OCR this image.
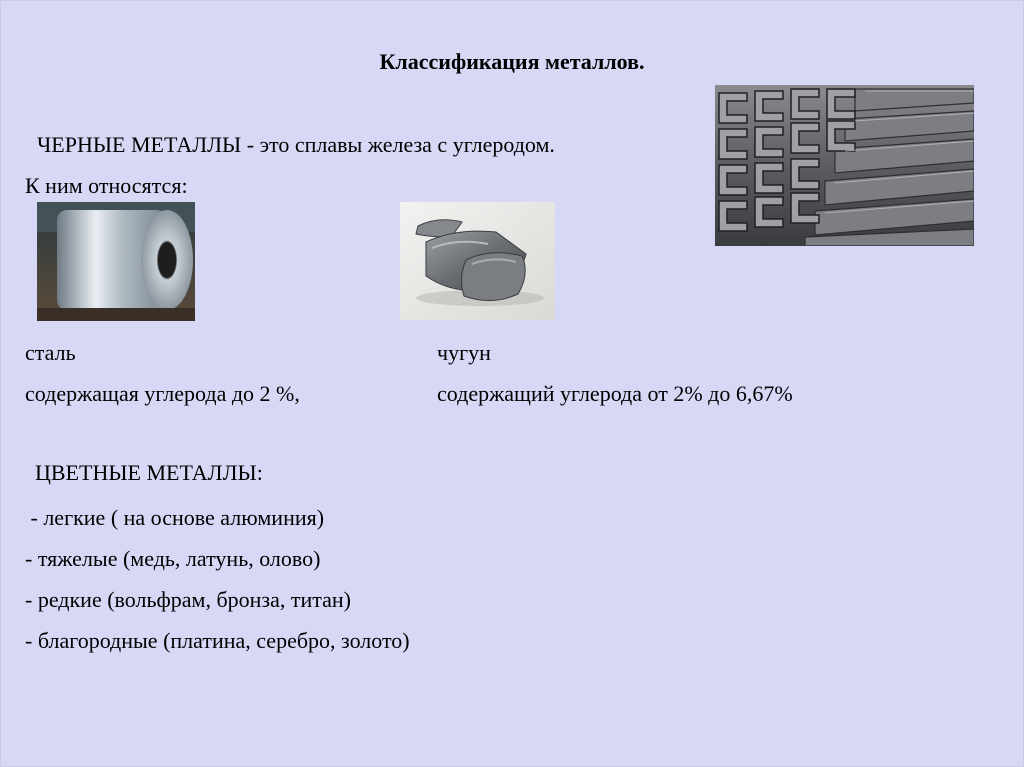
Классификация металлов.
ЧЕРНЫЕ МЕТАЛЛЫ - это сплавы железа с углеродом.
К ним относятся:
сталь	чугун
содержащая углерода до 2 %,	содержащий углерода от 2% до 6,67%
ЦВЕТНЫЕ МЕТАЛЛЫ:
- легкие ( на основе алюминия)
- тяжелые (медь, латунь, олово)
- редкие (вольфрам, бронза, титан)
- благородные (платина, серебро, золото)
